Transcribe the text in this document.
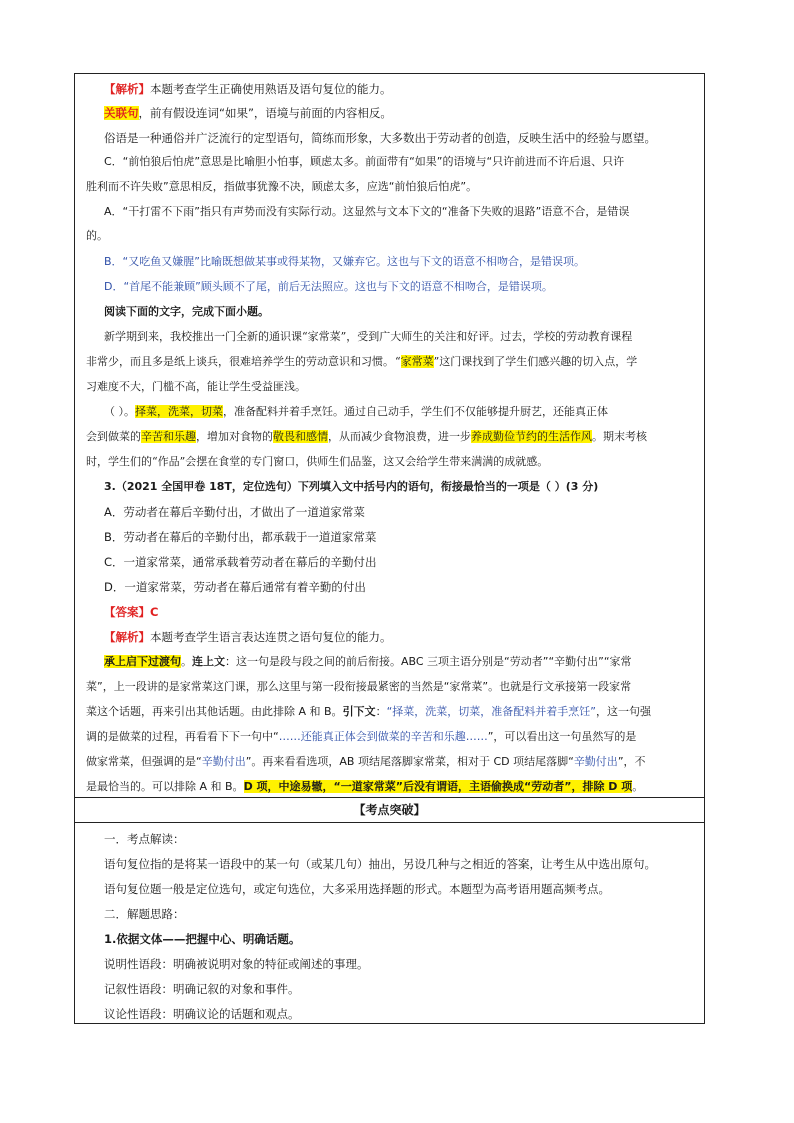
【解析】本题考查学生正确使用熟语及语句复位的能力。
关联句，前有假设连词“如果”，语境与前面的内容相反。
俗语是一种通俗并广泛流行的定型语句，简练而形象，大多数出于劳动者的创造，反映生活中的经验与愿望。
C．“前怕狼后怕虎”意思是比喻胆小怕事，顾虑太多。前面带有“如果”的语境与“只许前进而不许后退、只许
胜利而不许失败”意思相反，指做事犹豫不决，顾虑太多，应选“前怕狼后怕虎”。
A．“干打雷不下雨”指只有声势而没有实际行动。这显然与文本下文的“准备下失败的退路”语意不合，是错误
的。
B．“又吃鱼又嫌腥”比喻既想做某事或得某物，又嫌弃它。这也与下文的语意不相吻合，是错误项。
D．“首尾不能兼顾”顾头顾不了尾，前后无法照应。这也与下文的语意不相吻合，是错误项。
阅读下面的文字，完成下面小题。
新学期到来，我校推出一门全新的通识课“家常菜”，受到广大师生的关注和好评。过去，学校的劳动教育课程
非常少，而且多是纸上谈兵，很难培养学生的劳动意识和习惯。 “家常菜”这门课找到了学生们感兴趣的切入点，学
习难度不大，门槛不高，能让学生受益匪浅。
（ ）。择菜，洗菜，切菜，准备配料并着手烹饪。通过自己动手，学生们不仅能够提升厨艺，还能真正体
会到做菜的辛苦和乐趣，增加对食物的敬畏和感情，从而减少食物浪费，进一步养成勤俭节约的生活作风。期末考核
时，学生们的“作品”会摆在食堂的专门窗口，供师生们品鉴，这又会给学生带来满满的成就感。
3.（2021 全国甲卷 18T，定位选句）下列填入文中括号内的语句，衔接最恰当的一项是（ ）(3 分)
A．劳动者在幕后辛勤付出，才做出了一道道家常菜
B．劳动者在幕后的辛勤付出，都承载于一道道家常菜
C．一道家常菜，通常承载着劳动者在幕后的辛勤付出
D．一道家常菜，劳动者在幕后通常有着辛勤的付出
【答案】C
【解析】本题考查学生语言表达连贯之语句复位的能力。
承上启下过渡句。连上文：这一句是段与段之间的前后衔接。ABC 三项主语分别是“劳动者”“辛勤付出”“家常
菜”，上一段讲的是家常菜这门课，那么这里与第一段衔接最紧密的当然是“家常菜”。也就是行文承接第一段家常
菜这个话题，再来引出其他话题。由此排除 A 和 B。引下文：“择菜，洗菜，切菜，准备配料并着手烹饪”，这一句强
调的是做菜的过程，再看看下下一句中“……还能真正体会到做菜的辛苦和乐趣……”，可以看出这一句虽然写的是
做家常菜，但强调的是“辛勤付出”。再来看看选项，AB 项结尾落脚家常菜，相对于 CD 项结尾落脚“辛勤付出”，不
是最恰当的。可以排除 A 和 B。D 项，中途易辙，“一道家常菜”后没有谓语，主语偷换成“劳动者”，排除 D 项。
【考点突破】
一．考点解读：
语句复位指的是将某一语段中的某一句（或某几句）抽出，另设几种与之相近的答案，让考生从中选出原句。
语句复位题一般是定位选句，或定句选位，大多采用选择题的形式。本题型为高考语用题高频考点。
二．解题思路：
1.依据文体——把握中心、明确话题。
说明性语段：明确被说明对象的特征或阐述的事理。
记叙性语段：明确记叙的对象和事件。
议论性语段：明确议论的话题和观点。
